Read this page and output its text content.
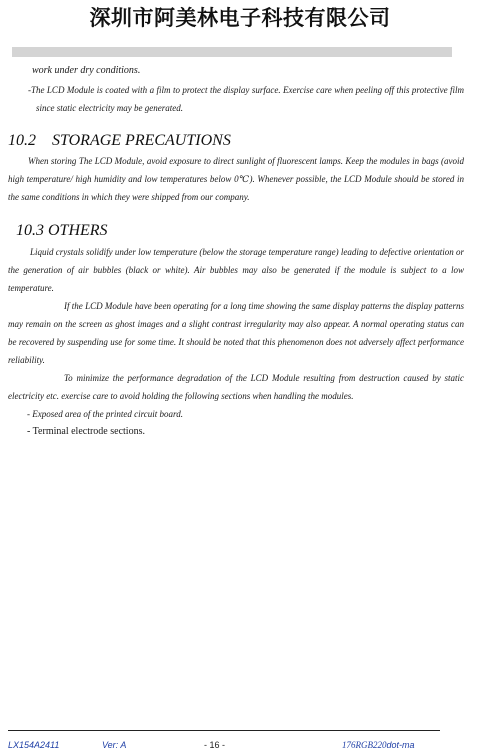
深圳市阿美林电子科技有限公司
work under dry conditions.
-The LCD Module is coated with a film to protect the display surface. Exercise care when peeling off this protective film since static electricity may be generated.
10.2    STORAGE PRECAUTIONS
When storing The LCD Module, avoid exposure to direct sunlight of fluorescent lamps. Keep the modules in bags (avoid high temperature/ high humidity and low temperatures below 0℃). Whenever possible, the LCD Module should be stored in the same conditions in which they were shipped from our company.
10.3 OTHERS
Liquid crystals solidify under low temperature (below the storage temperature range) leading to defective orientation or the generation of air bubbles (black or white). Air bubbles may also be generated if the module is subject to a low temperature.
If the LCD Module have been operating for a long time showing the same display patterns the display patterns may remain on the screen as ghost images and a slight contrast irregularity may also appear. A normal operating status can be recovered by suspending use for some time. It should be noted that this phenomenon does not adversely affect performance reliability.
To minimize the performance degradation of the LCD Module resulting from destruction caused by static electricity etc. exercise care to avoid holding the following sections when handling the modules.
- Exposed area of the printed circuit board.
- Terminal electrode sections.
LX154A2411	Ver: A	- 16 -	176RGB220dot-ma
